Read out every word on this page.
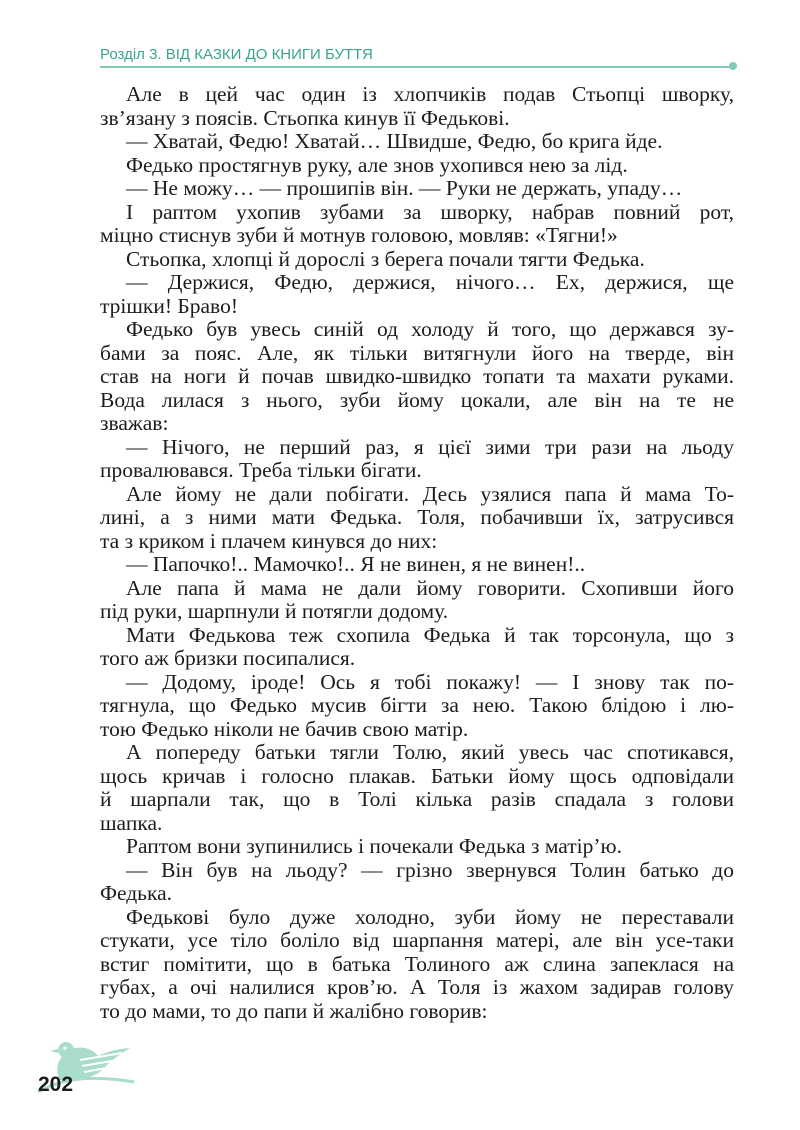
Розділ 3. ВІД КАЗКИ ДО КНИГИ БУТТЯ

Але в цей час один із хлопчиків подав Стьопці шворку,
зв’язану з поясів. Стьопка кинув її Федькові.

— Хватай, Федю! Хватай… Швидше, Федю, бо крига йде.

Федько простягнув руку, але знов ухопився нею за лід.

— Не можу… — прошипів він. — Руки не держать, упаду…

І раптом ухопив зубами за шворку, набрав повний рот,
міцно стиснув зуби й мотнув головою, мовляв: «Тягни!»

Стьопка, хлопці й дорослі з берега почали тягти Федька.

— Держися, Федю, держися, нічого… Ех, держися, ще
трішки! Браво!

Федько був увесь синій од холоду й того, що держався зу-
бами за пояс. Але, як тільки витягнули його на тверде, він
став на ноги й почав швидко-швидко топати та махати руками.
Вода лилася з нього, зуби йому цокали, але він на те не
зважав:

— Нічого, не перший раз, я цієї зими три рази на льоду
провалювався. Треба тільки бігати.

Але йому не дали побігати. Десь узялися папа й мама То-
лині, а з ними мати Федька. Толя, побачивши їх, затрусився
та з криком і плачем кинувся до них:

— Папочко!.. Мамочко!.. Я не винен, я не винен!..

Але папа й мама не дали йому говорити. Схопивши його
під руки, шарпнули й потягли додому.

Мати Федькова теж схопила Федька й так торсонула, що з
того аж бризки посипалися.

— Додому, іроде! Ось я тобі покажу! — І знову так по-
тягнула, що Федько мусив бігти за нею. Такою блідою і лю-
тою Федько ніколи не бачив свою матір.

А попереду батьки тягли Толю, який увесь час спотикався,
щось кричав і голосно плакав. Батьки йому щось одповідали
й шарпали так, що в Толі кілька разів спадала з голови
шапка.

Раптом вони зупинились і почекали Федька з матір’ю.

— Він був на льоду? — грізно звернувся Толин батько до
Федька.

Федькові було дуже холодно, зуби йому не переставали
стукати, усе тіло боліло від шарпання матері, але він усе-таки
встиг помітити, що в батька Толиного аж слина запеклася на
губах, а очі налилися кров’ю. А Толя із жахом задирав голову
то до мами, то до папи й жалібно говорив:

202
